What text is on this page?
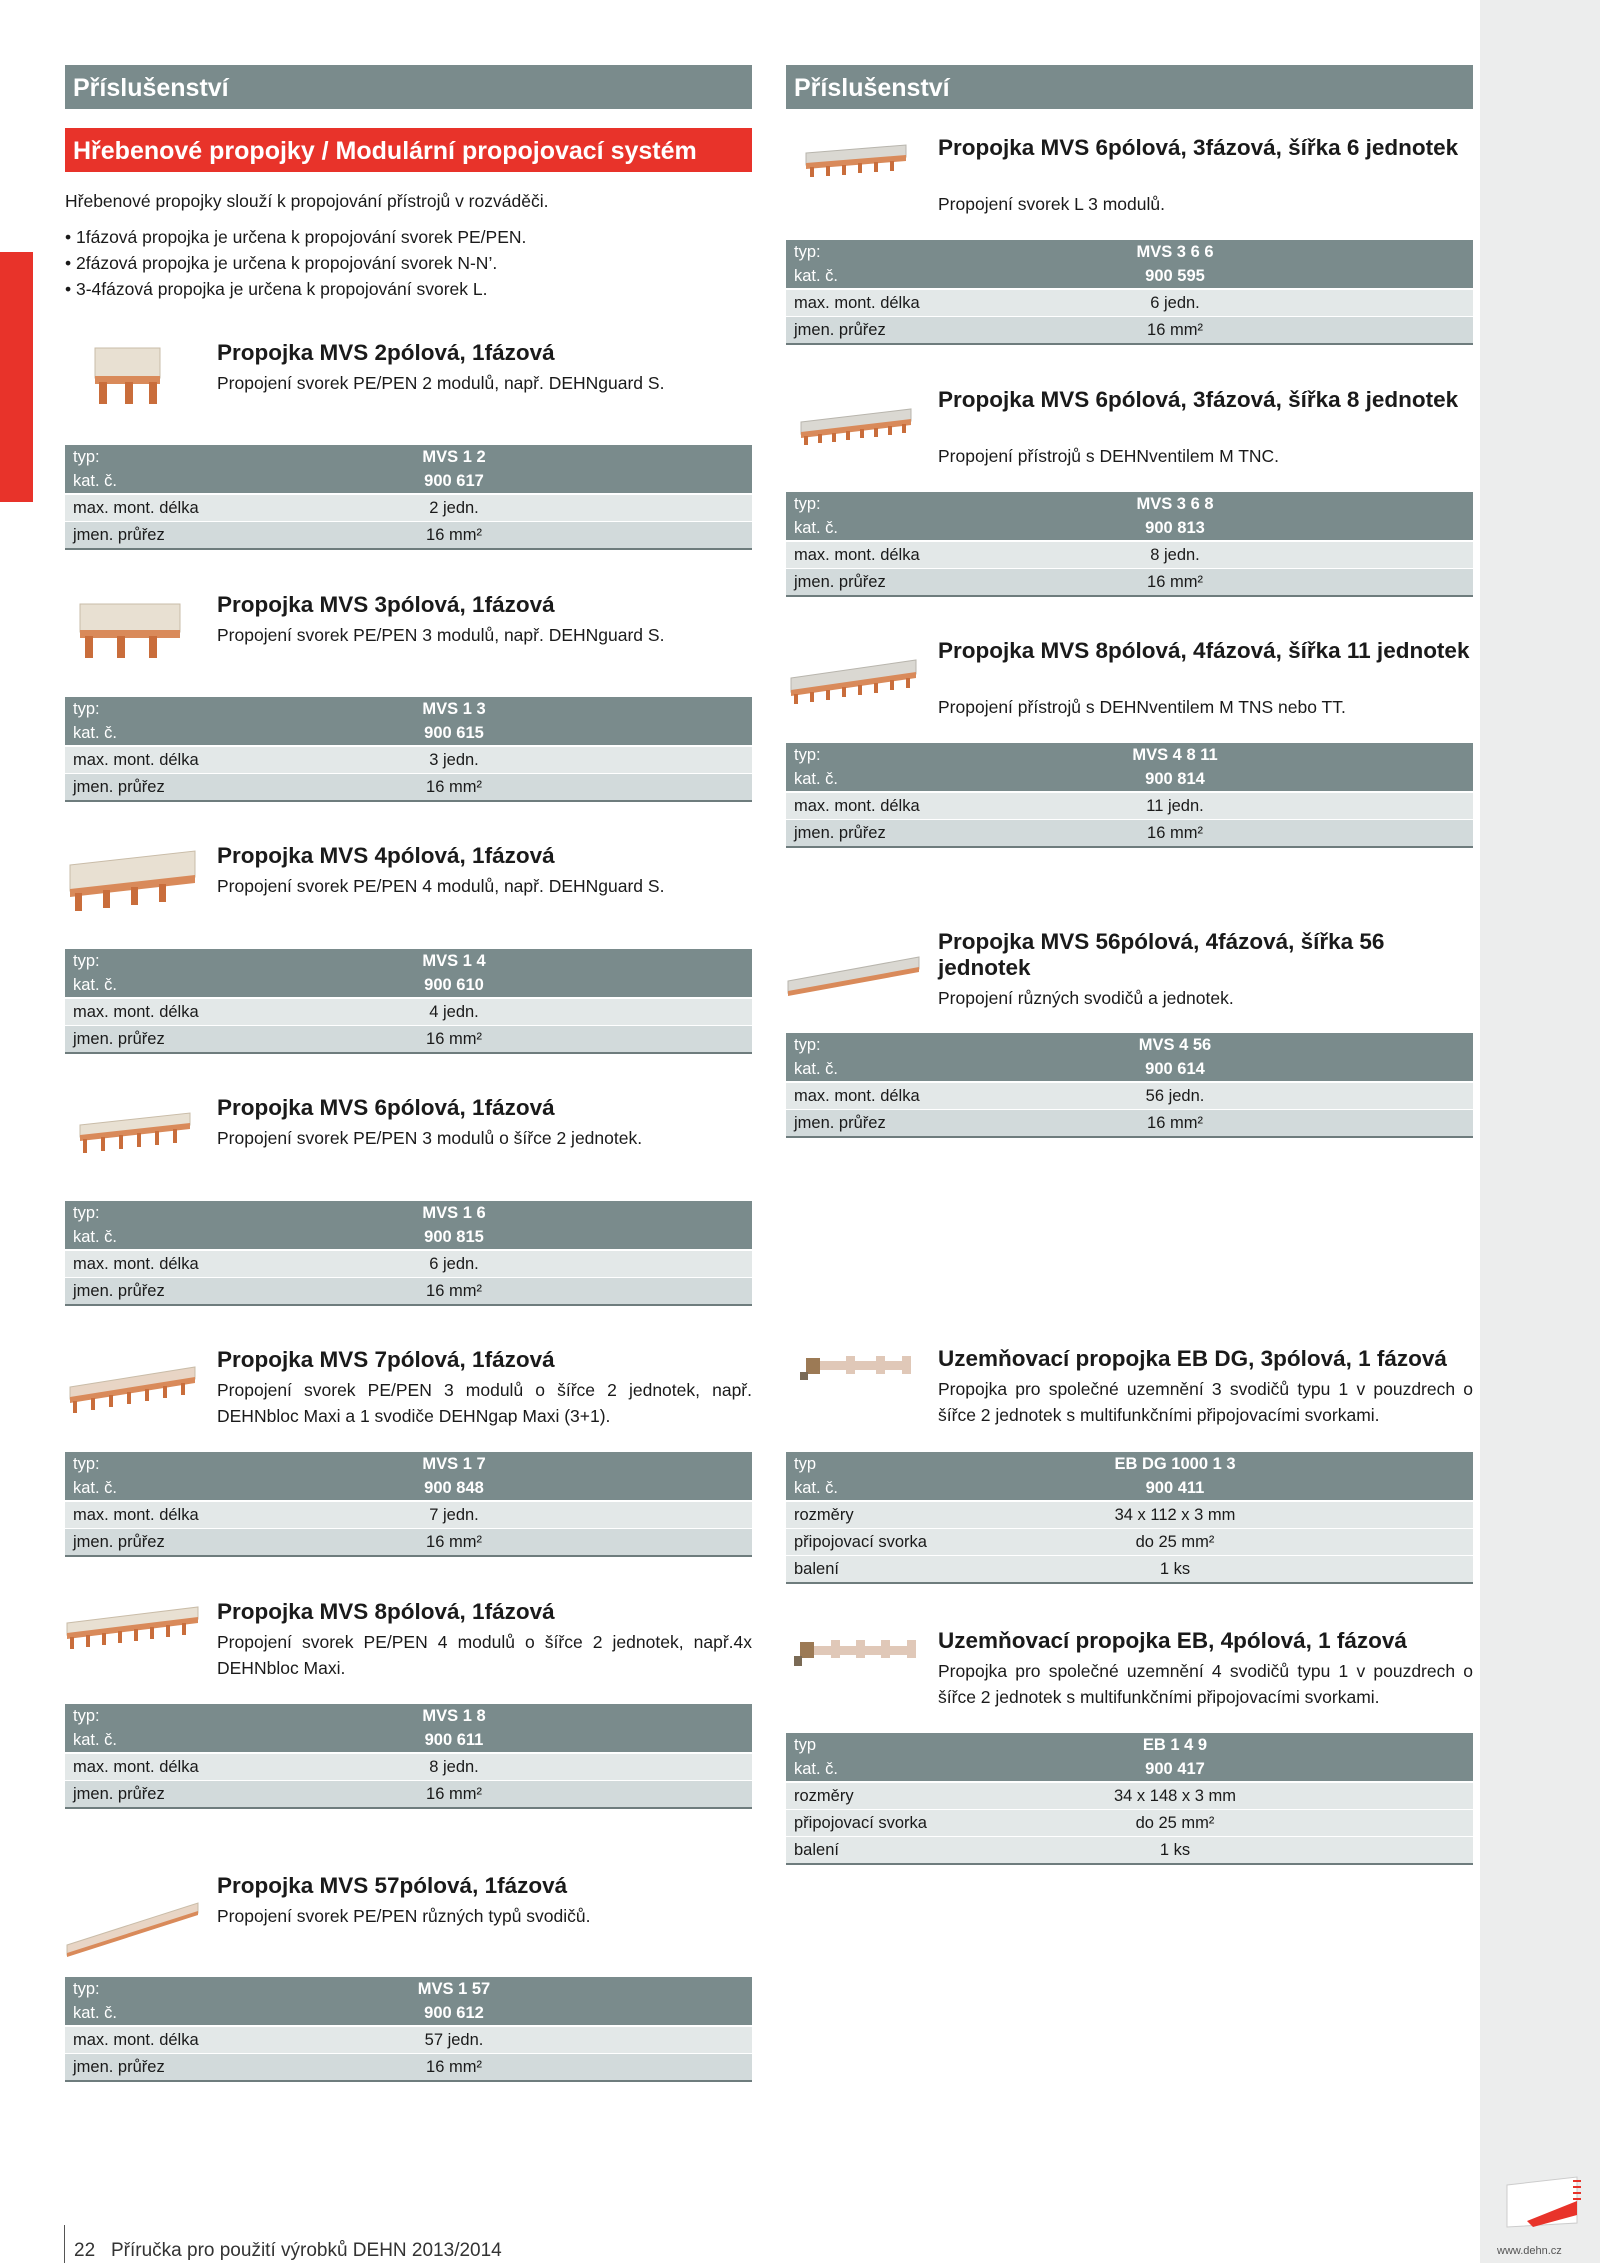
Příslušenství
Hřebenové propojky / Modulární propojovací systém
Hřebenové propojky slouží k propojování přístrojů v rozváděči.
• 1fázová propojka je určena k propojování svorek PE/PEN.
• 2fázová propojka je určena k propojování svorek N-N’.
• 3-4fázová propojka je určena k propojování svorek L.
Propojka MVS 2pólová, 1fázová
Propojení svorek PE/PEN 2 modulů, např. DEHNguard S.
typ:	MVS 1 2	
kat. č.	900 617	
max. mont. délka	2 jedn.	
jmen. průřez	16 mm²	
Propojka MVS 3pólová, 1fázová
Propojení svorek PE/PEN 3 modulů, např. DEHNguard S.
typ:	MVS 1 3	
kat. č.	900 615	
max. mont. délka	3 jedn.	
jmen. průřez	16 mm²	
Propojka MVS 4pólová, 1fázová
Propojení svorek PE/PEN 4 modulů, např. DEHNguard S.
typ:	MVS 1 4	
kat. č.	900 610	
max. mont. délka	4 jedn.	
jmen. průřez	16 mm²	
Propojka MVS 6pólová, 1fázová
Propojení svorek PE/PEN 3 modulů o šířce 2 jednotek.
typ:	MVS 1 6	
kat. č.	900 815	
max. mont. délka	6 jedn.	
jmen. průřez	16 mm²	
Propojka MVS 7pólová, 1fázová
Propojení svorek PE/PEN 3 modulů o šířce 2 jednotek, např. DEHNbloc Maxi a 1 svodiče DEHNgap Maxi (3+1).
typ:	MVS 1 7	
kat. č.	900 848	
max. mont. délka	7 jedn.	
jmen. průřez	16 mm²	
Propojka MVS 8pólová, 1fázová
Propojení svorek PE/PEN 4 modulů o šířce 2 jednotek, např.4x DEHNbloc Maxi.
typ:	MVS 1 8	
kat. č.	900 611	
max. mont. délka	8 jedn.	
jmen. průřez	16 mm²	
Propojka MVS 57pólová, 1fázová
Propojení svorek PE/PEN různých typů svodičů.
typ:	MVS 1 57	
kat. č.	900 612	
max. mont. délka	57 jedn.	
jmen. průřez	16 mm²	
Příslušenství
Propojka MVS 6pólová, 3fázová, šířka 6 jednotek
Propojení svorek L 3 modulů.
typ:	MVS 3 6 6	
kat. č.	900 595	
max. mont. délka	6 jedn.	
jmen. průřez	16 mm²	
Propojka MVS 6pólová, 3fázová, šířka 8 jednotek
Propojení přístrojů s DEHNventilem M TNC.
typ:	MVS 3 6 8	
kat. č.	900 813	
max. mont. délka	8 jedn.	
jmen. průřez	16 mm²	
Propojka MVS 8pólová, 4fázová, šířka 11 jednotek
Propojení přístrojů s DEHNventilem M TNS nebo TT.
typ:	MVS 4 8 11	
kat. č.	900 814	
max. mont. délka	11 jedn.	
jmen. průřez	16 mm²	
Propojka MVS 56pólová, 4fázová, šířka 56 jednotek
Propojení různých svodičů a jednotek.
typ:	MVS 4 56	
kat. č.	900 614	
max. mont. délka	56 jedn.	
jmen. průřez	16 mm²	
Uzemňovací propojka EB DG, 3pólová, 1 fázová
Propojka pro společné uzemnění 3 svodičů typu 1 v pouzdrech o šířce 2 jednotek s multifunkčními připojovacími svorkami.
typ	EB DG 1000 1 3	
kat. č.	900 411	
rozměry	34 x 112 x 3 mm	
připojovací svorka	do 25 mm²	
balení	1 ks	
Uzemňovací propojka EB, 4pólová, 1 fázová
Propojka pro společné uzemnění 4 svodičů typu 1 v pouzdrech o šířce 2 jednotek s multifunkčními připojovacími svorkami.
typ	EB 1 4 9	
kat. č.	900 417	
rozměry	34 x 148 x 3 mm	
připojovací svorka	do 25 mm²	
balení	1 ks	
22 Příručka pro použití výrobků DEHN 2013/2014	www.dehn.cz
